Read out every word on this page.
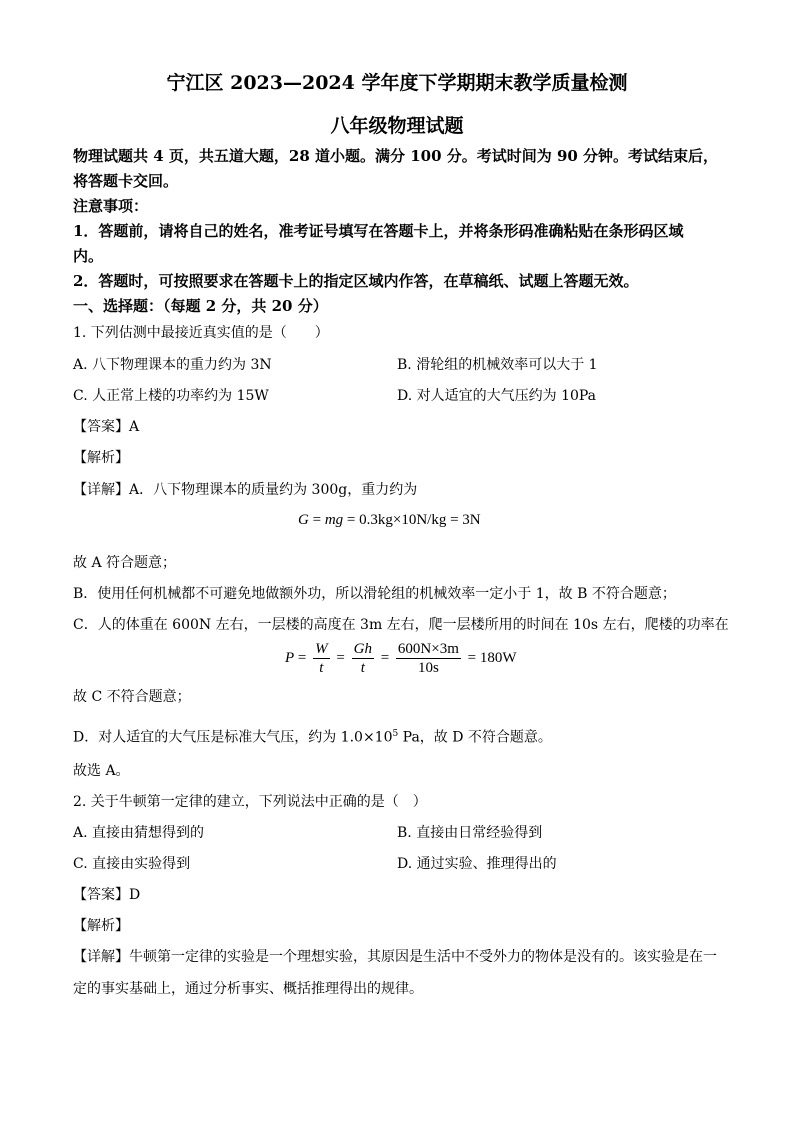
宁江区 2023—2024 学年度下学期期末教学质量检测
八年级物理试题
物理试题共 4 页，共五道大题，28 道小题。满分 100 分。考试时间为 90 分钟。考试结束后，
将答题卡交回。
注意事项：
1．答题前，请将自己的姓名，准考证号填写在答题卡上，并将条形码准确粘贴在条形码区域
内。
2．答题时，可按照要求在答题卡上的指定区域内作答，在草稿纸、试题上答题无效。
一、选择题：（每题 2 分，共 20 分）
1. 下列估测中最接近真实值的是（　　）
A. 八下物理课本的重力约为 3N	B. 滑轮组的机械效率可以大于 1
C. 人正常上楼的功率约为 15W	D. 对人适宜的大气压约为 10Pa
【答案】A
【解析】
【详解】A．八下物理课本的质量约为 300g，重力约为
G = mg = 0.3kg×10N/kg = 3N
故 A 符合题意；
B．使用任何机械都不可避免地做额外功，所以滑轮组的机械效率一定小于 1，故 B 不符合题意；
C．人的体重在 600N 左右，一层楼的高度在 3m 左右，爬一层楼所用的时间在 10s 左右，爬楼的功率在
$P = \frac{W}{t} = \frac{Gh}{t} = \frac{600N\times 3m}{10s} = 180W$
故 C 不符合题意；
D．对人适宜的大气压是标准大气压，约为 $1.0\times 10^5$ Pa，故 D 不符合题意。
故选 A。
2. 关于牛顿第一定律的建立，下列说法中正确的是（　）
A. 直接由猜想得到的	B. 直接由日常经验得到
C. 直接由实验得到	D. 通过实验、推理得出的
【答案】D
【解析】
【详解】牛顿第一定律的实验是一个理想实验，其原因是生活中不受外力的物体是没有的。该实验是在一
定的事实基础上，通过分析事实、概括推理得出的规律。
